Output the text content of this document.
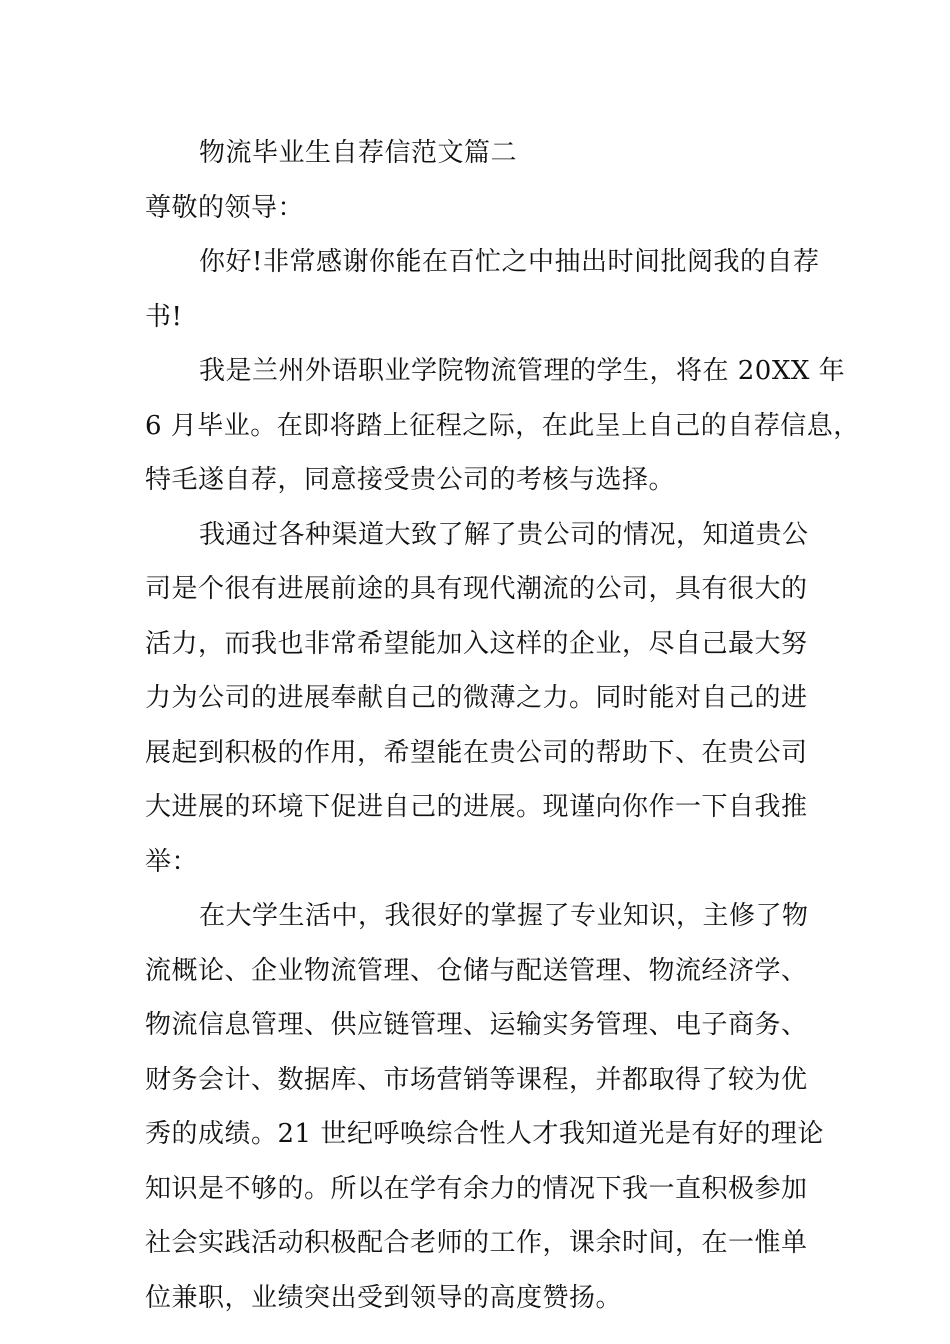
物流毕业生自荐信范文篇二
尊敬的领导：
你好!非常感谢你能在百忙之中抽出时间批阅我的自荐
书!
我是兰州外语职业学院物流管理的学生，将在 20XX 年
6 月毕业。在即将踏上征程之际，在此呈上自己的自荐信息，
特毛遂自荐，同意接受贵公司的考核与选择。
我通过各种渠道大致了解了贵公司的情况，知道贵公
司是个很有进展前途的具有现代潮流的公司，具有很大的
活力，而我也非常希望能加入这样的企业，尽自己最大努
力为公司的进展奉献自己的微薄之力。同时能对自己的进
展起到积极的作用，希望能在贵公司的帮助下、在贵公司
大进展的环境下促进自己的进展。现谨向你作一下自我推
举：
在大学生活中，我很好的掌握了专业知识，主修了物
流概论、企业物流管理、仓储与配送管理、物流经济学、
物流信息管理、供应链管理、运输实务管理、电子商务、
财务会计、数据库、市场营销等课程，并都取得了较为优
秀的成绩。21 世纪呼唤综合性人才我知道光是有好的理论
知识是不够的。所以在学有余力的情况下我一直积极参加
社会实践活动积极配合老师的工作，课余时间，在一惟单
位兼职，业绩突出受到领导的高度赞扬。
